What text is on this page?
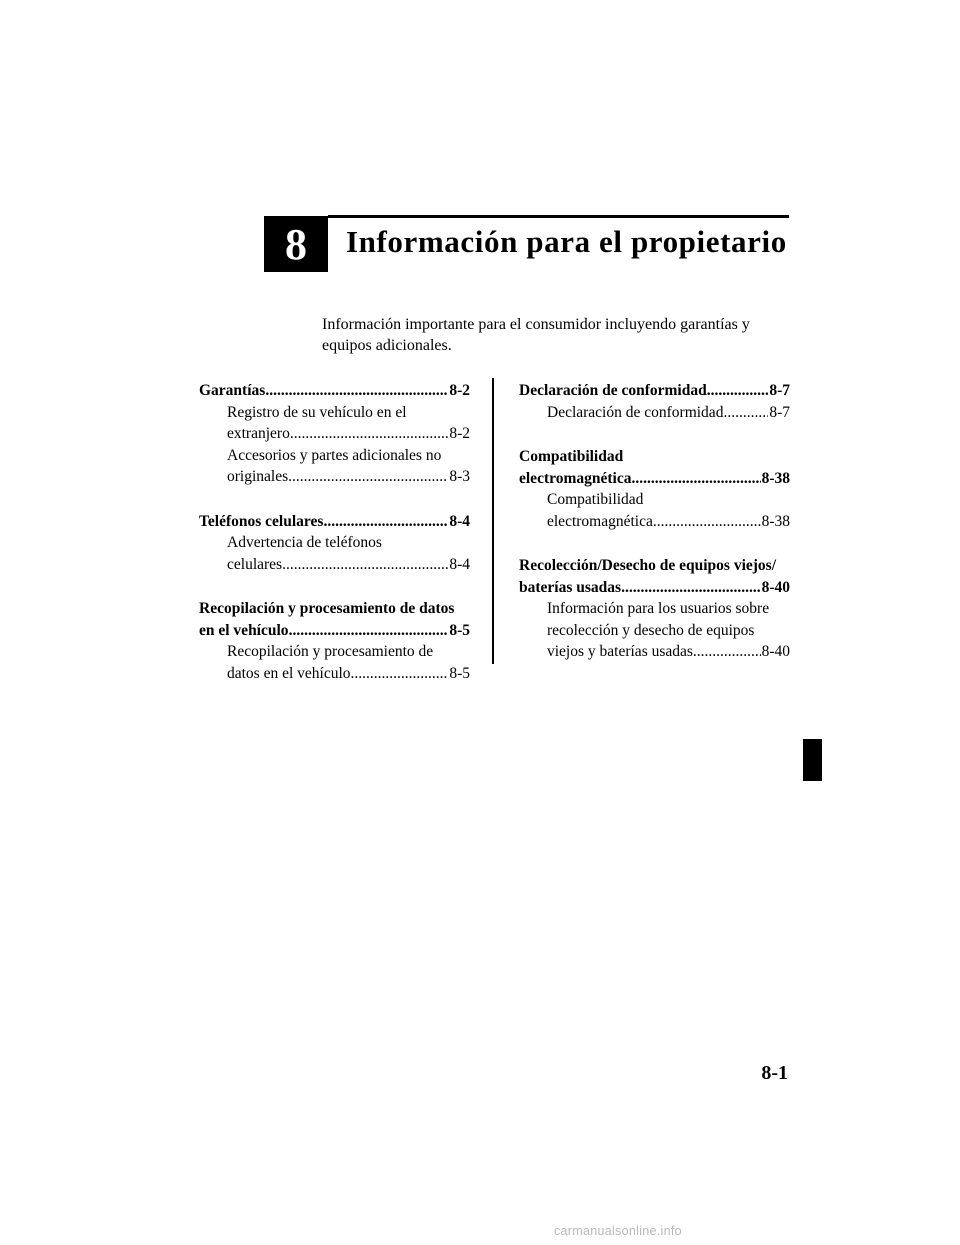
8 Información para el propietario

Información importante para el consumidor incluyendo garantías y equipos adicionales.

Garantías .....	8-2
Registro de su vehículo en el
extranjero .....	8-2
Accesorios y partes adicionales no
originales .....	8-3
Teléfonos celulares .....	8-4
Advertencia de teléfonos
celulares .....	8-4
Recopilación y procesamiento de datos
en el vehículo .....	8-5
Recopilación y procesamiento de
datos en el vehículo .....	8-5
Declaración de conformidad .....	8-7
Declaración de conformidad .....	8-7
Compatibilidad
electromagnética .....	8-38
Compatibilidad
electromagnética .....	8-38
Recolección/Desecho de equipos viejos/
baterías usadas .....	8-40
Información para los usuarios sobre
recolección y desecho de equipos
viejos y baterías usadas .....	8-40
8-1
carmanualsonline.info
